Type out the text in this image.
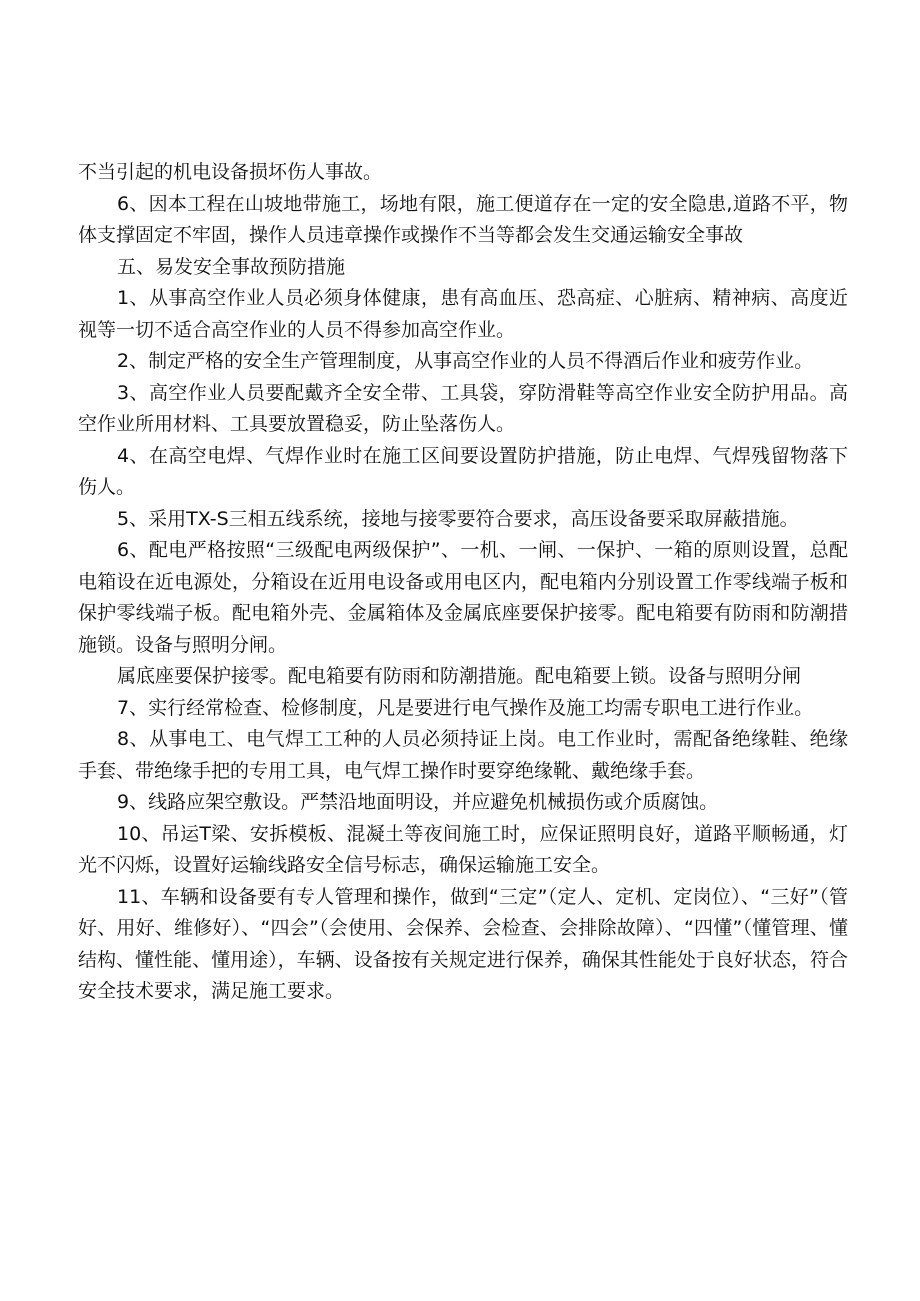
不当引起的机电设备损坏伤人事故。

6、因本工程在山坡地带施工，场地有限，施工便道存在一定的安全隐患,道路不平，物体支撑固定不牢固，操作人员违章操作或操作不当等都会发生交通运输安全事故

五、易发安全事故预防措施

1、从事高空作业人员必须身体健康，患有高血压、恐高症、心脏病、精神病、高度近视等一切不适合高空作业的人员不得参加高空作业。

2、制定严格的安全生产管理制度，从事高空作业的人员不得酒后作业和疲劳作业。

3、高空作业人员要配戴齐全安全带、工具袋，穿防滑鞋等高空作业安全防护用品。高空作业所用材料、工具要放置稳妥，防止坠落伤人。

4、在高空电焊、气焊作业时在施工区间要设置防护措施，防止电焊、气焊残留物落下伤人。

5、采用TX-S三相五线系统，接地与接零要符合要求，高压设备要采取屏蔽措施。

6、配电严格按照“三级配电两级保护”、一机、一闸、一保护、一箱的原则设置，总配电箱设在近电源处，分箱设在近用电设备或用电区内，配电箱内分别设置工作零线端子板和保护零线端子板。配电箱外壳、金属箱体及金属底座要保护接零。配电箱要有防雨和防潮措施锁。设备与照明分闸。

属底座要保护接零。配电箱要有防雨和防潮措施。配电箱要上锁。设备与照明分闸

7、实行经常检查、检修制度，凡是要进行电气操作及施工均需专职电工进行作业。

8、从事电工、电气焊工工种的人员必须持证上岗。电工作业时，需配备绝缘鞋、绝缘手套、带绝缘手把的专用工具，电气焊工操作时要穿绝缘靴、戴绝缘手套。

9、线路应架空敷设。严禁沿地面明设，并应避免机械损伤或介质腐蚀。

10、吊运T梁、安拆模板、混凝土等夜间施工时，应保证照明良好，道路平顺畅通，灯光不闪烁，设置好运输线路安全信号标志，确保运输施工安全。

11、车辆和设备要有专人管理和操作，做到“三定”（定人、定机、定岗位）、“三好”（管好、用好、维修好）、“四会”（会使用、会保养、会检查、会排除故障）、“四懂”（懂管理、懂结构、懂性能、懂用途），车辆、设备按有关规定进行保养，确保其性能处于良好状态，符合安全技术要求，满足施工要求。
